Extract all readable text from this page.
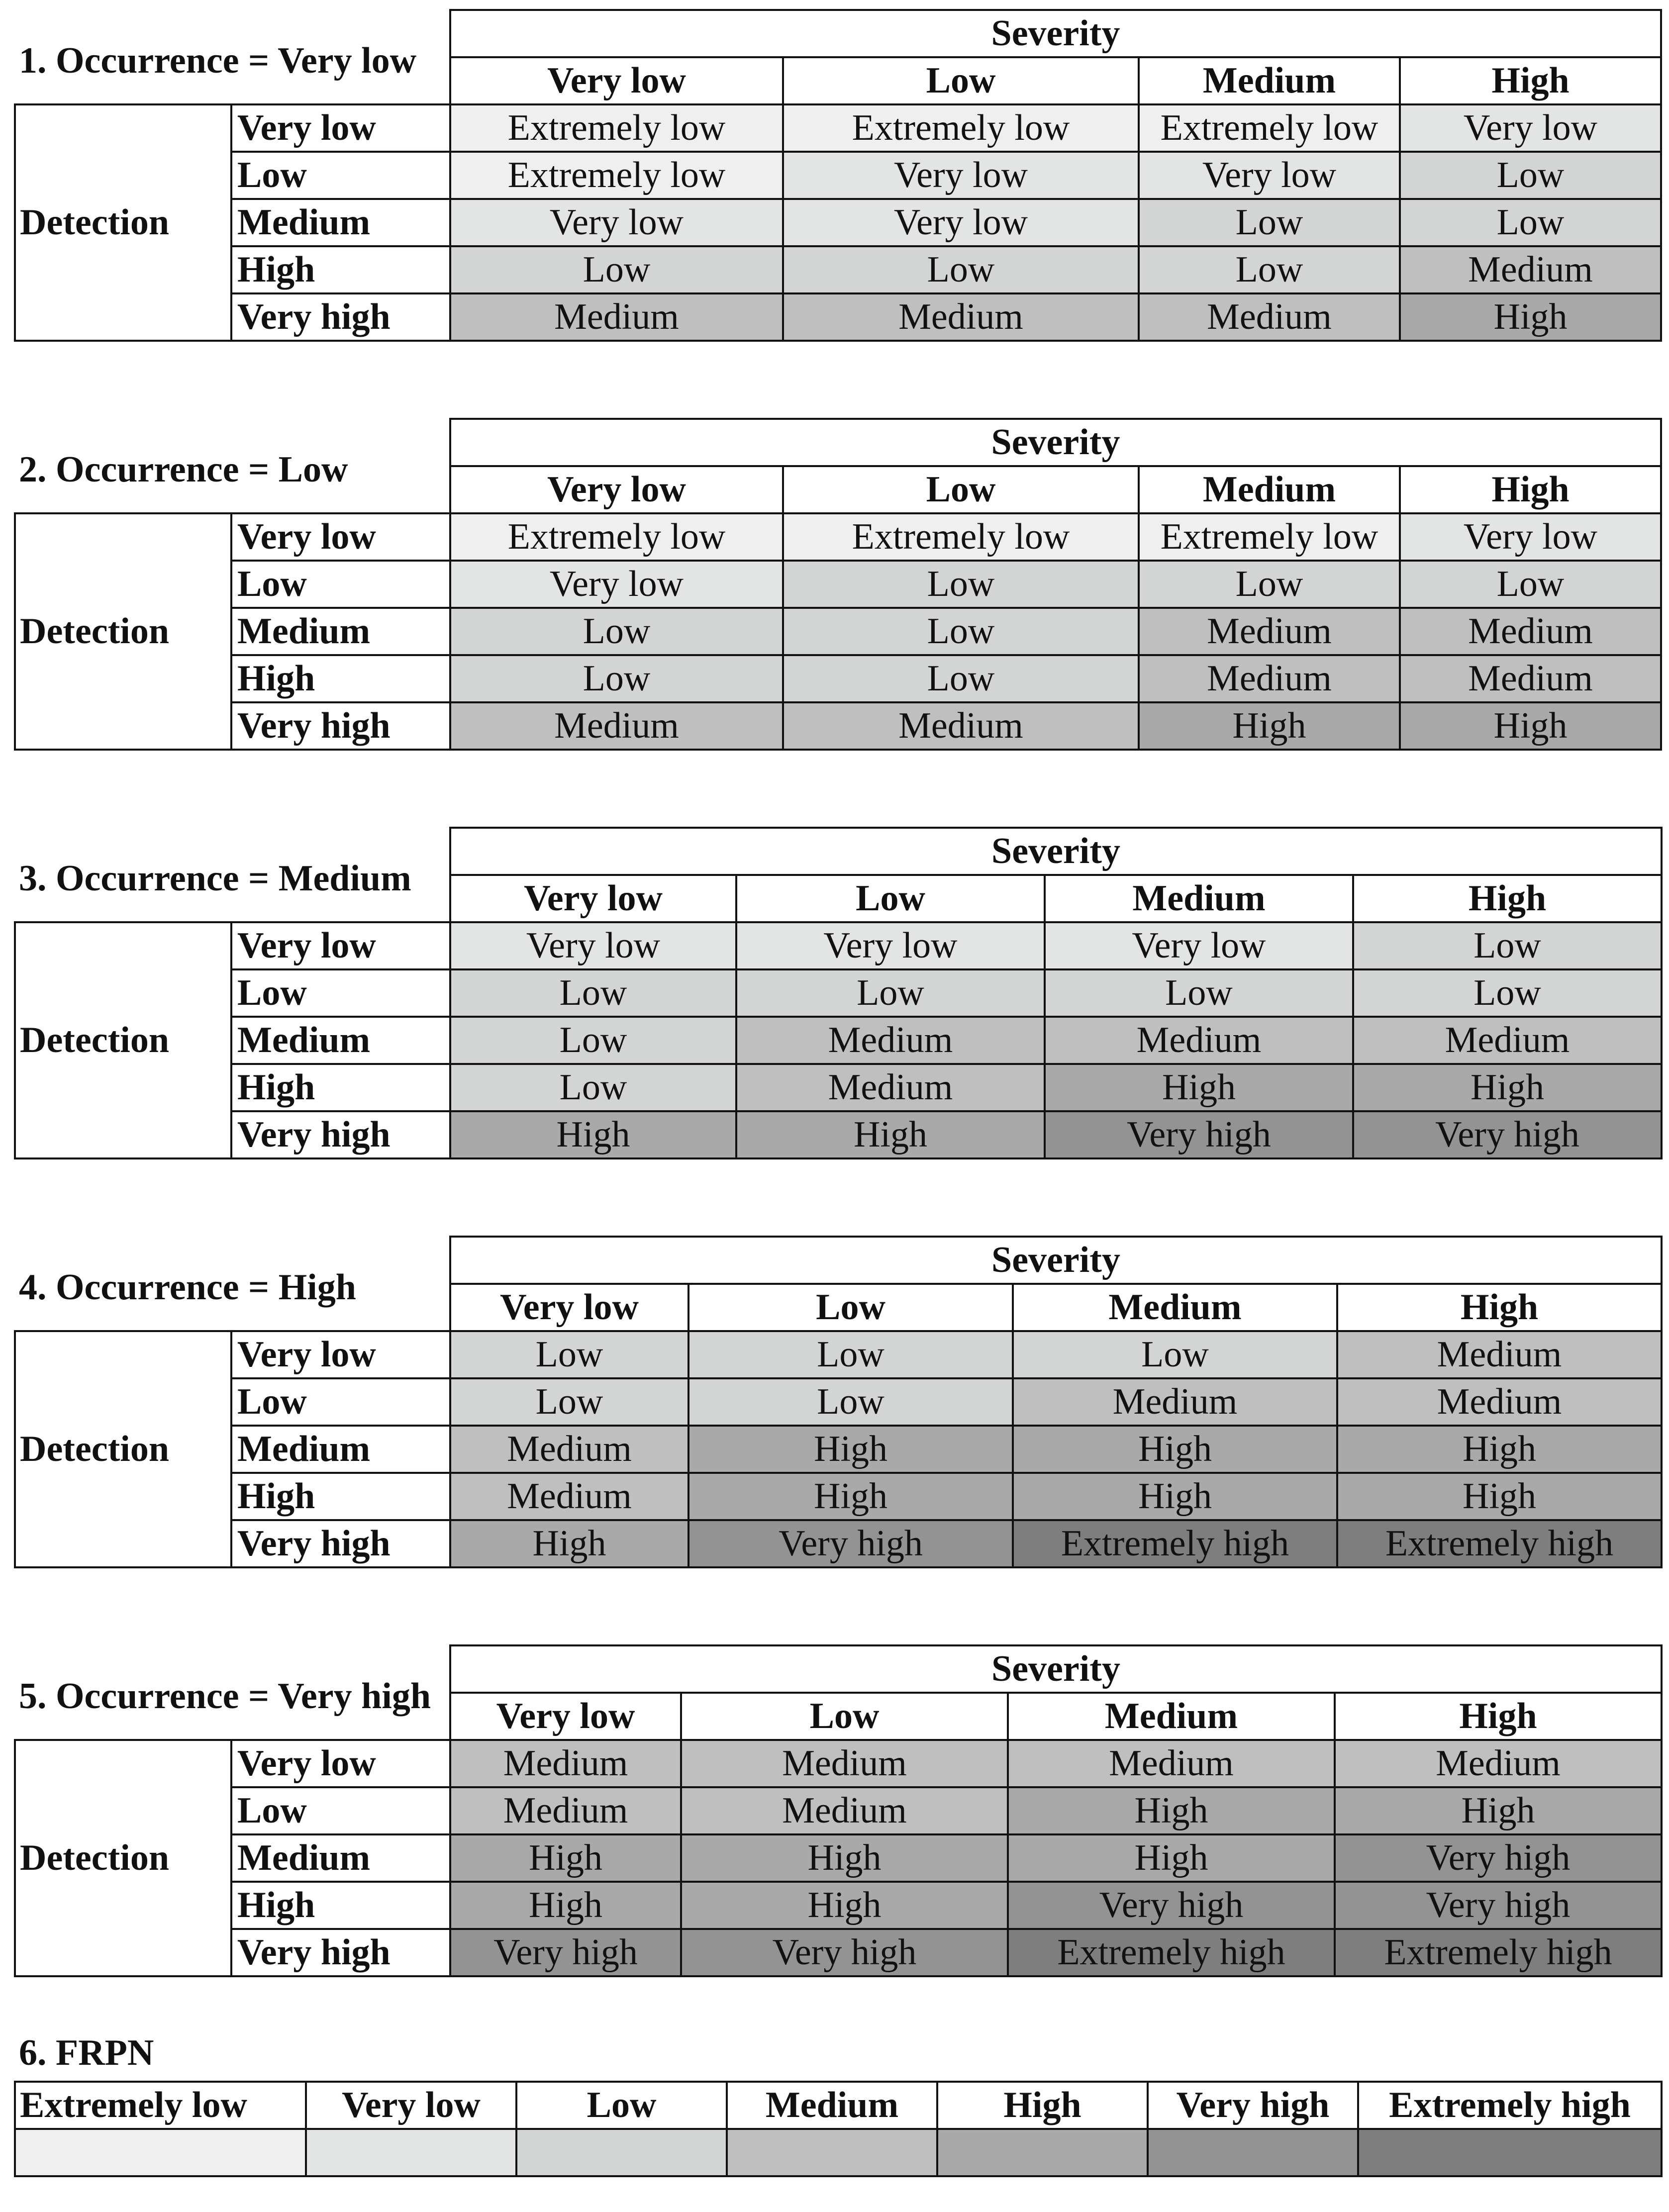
		Severity				
		Very low	Low	Medium	High	
Detection	Very low	Extremely low	Extremely low	Extremely low	Very low	
	Low	Extremely low	Very low	Very low	Low	
	Medium	Very low	Very low	Low	Low	
	High	Low	Low	Low	Medium	
	Very high	Medium	Medium	Medium	High	
1. Occurrence = Very low
		Severity				
		Very low	Low	Medium	High	
Detection	Very low	Extremely low	Extremely low	Extremely low	Very low	
	Low	Very low	Low	Low	Low	
	Medium	Low	Low	Medium	Medium	
	High	Low	Low	Medium	Medium	
	Very high	Medium	Medium	High	High	
2. Occurrence = Low
		Severity				
		Very low	Low	Medium	High	
Detection	Very low	Very low	Very low	Very low	Low	
	Low	Low	Low	Low	Low	
	Medium	Low	Medium	Medium	Medium	
	High	Low	Medium	High	High	
	Very high	High	High	Very high	Very high	
3. Occurrence = Medium
		Severity				
		Very low	Low	Medium	High	
Detection	Very low	Low	Low	Low	Medium	
	Low	Low	Low	Medium	Medium	
	Medium	Medium	High	High	High	
	High	Medium	High	High	High	
	Very high	High	Very high	Extremely high	Extremely high	
4. Occurrence = High
		Severity				
		Very low	Low	Medium	High	
Detection	Very low	Medium	Medium	Medium	Medium	
	Low	Medium	Medium	High	High	
	Medium	High	High	High	Very high	
	High	High	High	Very high	Very high	
	Very high	Very high	Very high	Extremely high	Extremely high	
5. Occurrence = Very high
6. FRPN
Extremely low	Very low	Low	Medium	High	Very high	Extremely high
